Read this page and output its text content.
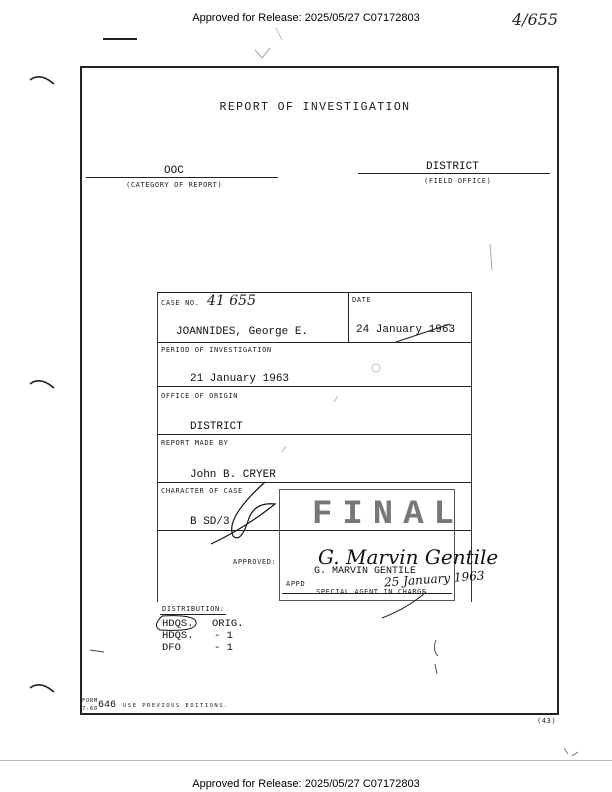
Approved for Release: 2025/05/27 C07172803
Approved for Release: 2025/05/27 C07172803
4/655
REPORT OF INVESTIGATION
OOC
(CATEGORY OF REPORT)
DISTRICT
(FIELD OFFICE)
CASE NO. 41 655
JOANNIDES, George E.
DATE
24 January 1963
PERIOD OF INVESTIGATION
21 January 1963
OFFICE OF ORIGIN
DISTRICT
REPORT MADE BY
John B. CRYER
CHARACTER OF CASE
B SD/3
APPROVED:
FINAL
APPD
G. MARVIN GENTILE
SPECIAL AGENT IN CHARGE
G. Marvin Gentile
25 January 1963
DISTRIBUTION:
HDQS. ORIG.
HDQS. - 1
DFO	- 1
FORM
7-60 646 USE PREVIOUS EDITIONS.
(43)
